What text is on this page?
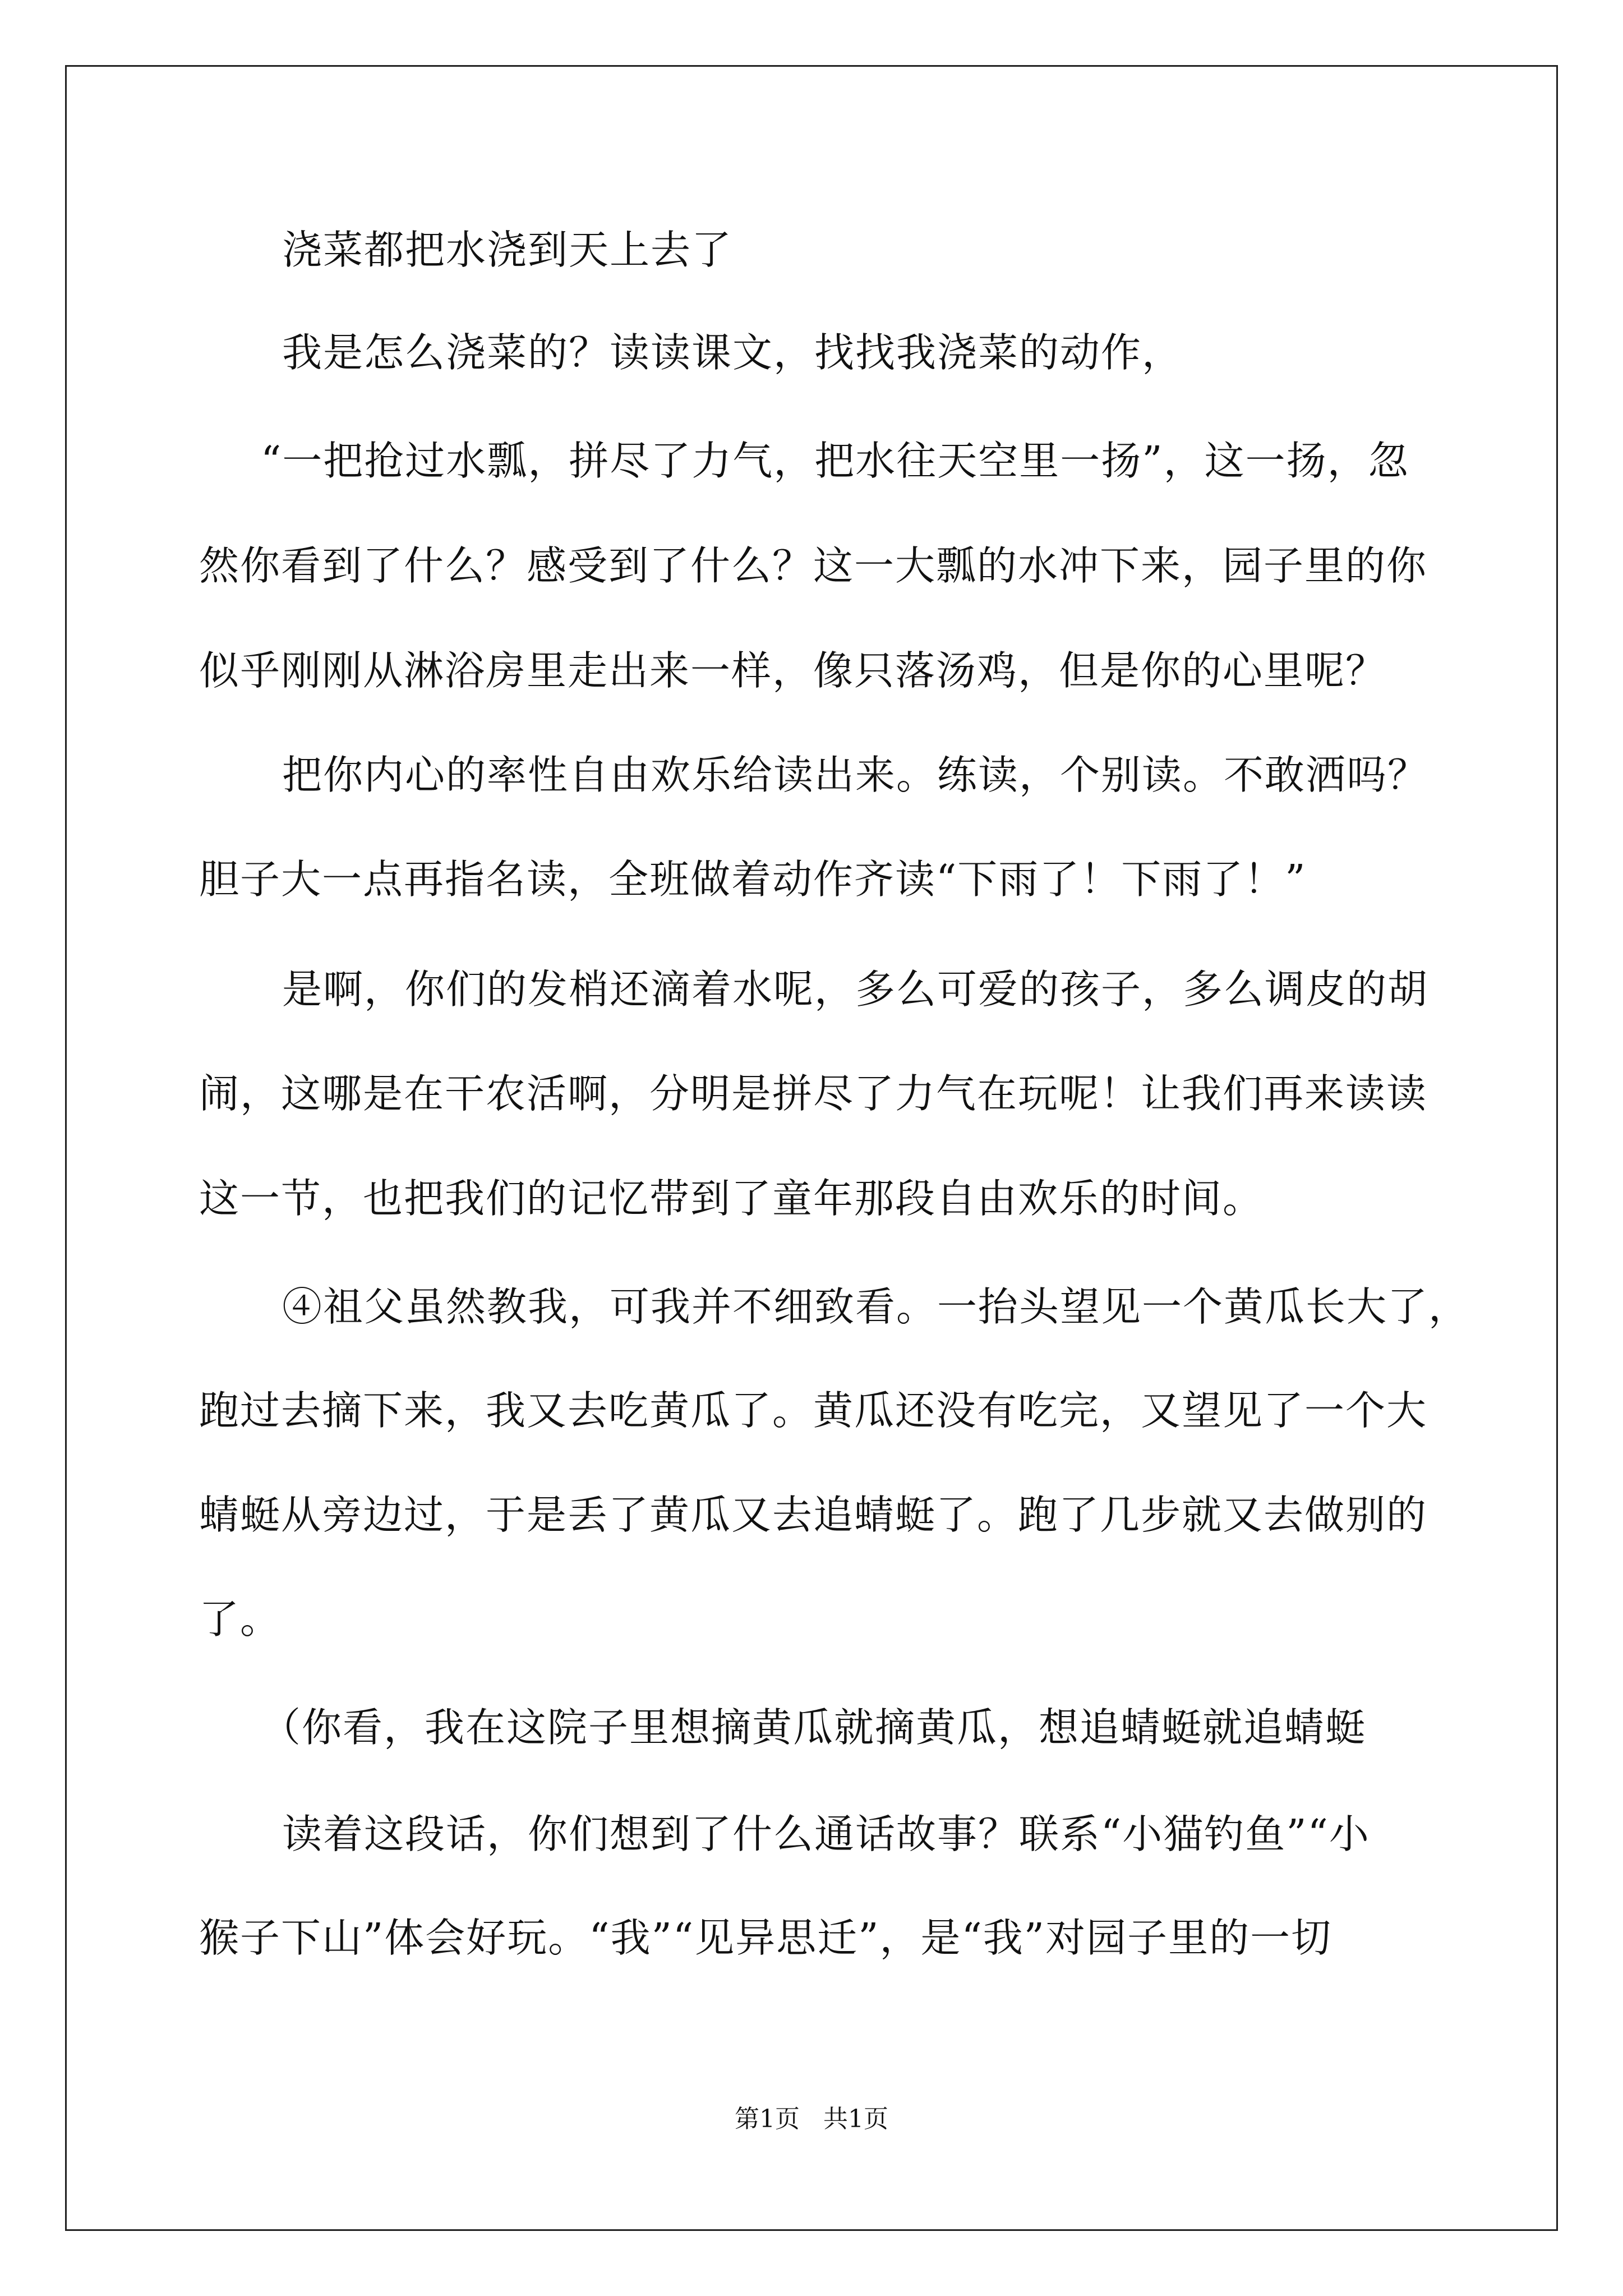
浇菜都把水浇到天上去了
我是怎么浇菜的？读读课文，找找我浇菜的动作，
“一把抢过水瓢，拼尽了力气，把水往天空里一扬”，这一扬，忽
然你看到了什么？感受到了什么？这一大瓢的水冲下来，园子里的你
似乎刚刚从淋浴房里走出来一样，像只落汤鸡，但是你的心里呢？
把你内心的率性自由欢乐给读出来。练读，个别读。不敢洒吗？
胆子大一点再指名读，全班做着动作齐读“下雨了！下雨了！”
是啊，你们的发梢还滴着水呢，多么可爱的孩子，多么调皮的胡
闹，这哪是在干农活啊，分明是拼尽了力气在玩呢！让我们再来读读
这一节，也把我们的记忆带到了童年那段自由欢乐的时间。
④祖父虽然教我，可我并不细致看。一抬头望见一个黄瓜长大了，
跑过去摘下来，我又去吃黄瓜了。黄瓜还没有吃完，又望见了一个大
蜻蜓从旁边过，于是丢了黄瓜又去追蜻蜓了。跑了几步就又去做别的
了。
（你看，我在这院子里想摘黄瓜就摘黄瓜，想追蜻蜓就追蜻蜓
读着这段话，你们想到了什么通话故事？联系“小猫钓鱼”“小
猴子下山”体会好玩。“我”“见异思迁”，是“我”对园子里的一切
第1页   共1页
